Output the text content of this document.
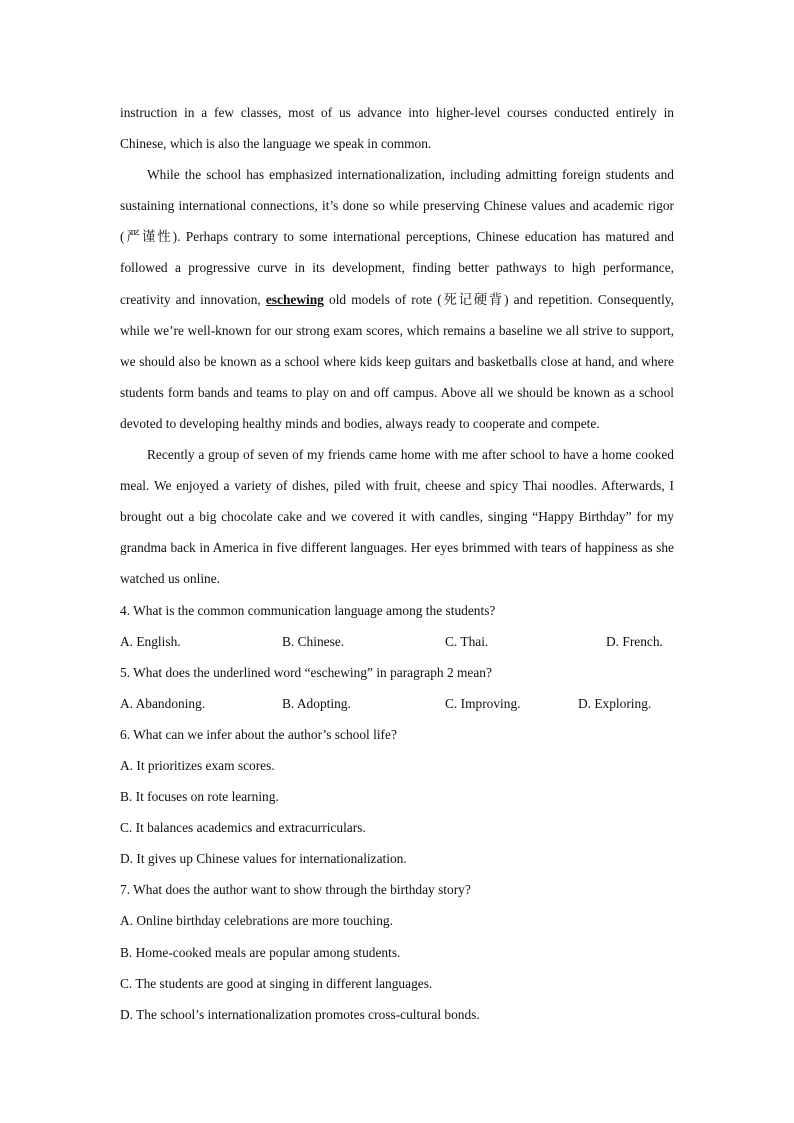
instruction in a few classes, most of us advance into higher-level courses conducted entirely in Chinese, which is also the language we speak in common.

While the school has emphasized internationalization, including admitting foreign students and sustaining international connections, it’s done so while preserving Chinese values and academic rigor (严谨性). Perhaps contrary to some international perceptions, Chinese education has matured and followed a progressive curve in its development, finding better pathways to high performance, creativity and innovation, eschewing old models of rote (死记硬背) and repetition. Consequently, while we’re well-known for our strong exam scores, which remains a baseline we all strive to support, we should also be known as a school where kids keep guitars and basketballs close at hand, and where students form bands and teams to play on and off campus. Above all we should be known as a school devoted to developing healthy minds and bodies, always ready to cooperate and compete.

Recently a group of seven of my friends came home with me after school to have a home cooked meal. We enjoyed a variety of dishes, piled with fruit, cheese and spicy Thai noodles. Afterwards, I brought out a big chocolate cake and we covered it with candles, singing “Happy Birthday” for my grandma back in America in five different languages. Her eyes brimmed with tears of happiness as she watched us online.

4. What is the common communication language among the students?

A. English.	B. Chinese.	C. Thai.	D. French.

5. What does the underlined word “eschewing” in paragraph 2 mean?

A. Abandoning.	B. Adopting.	C. Improving.	D. Exploring.

6. What can we infer about the author’s school life?

A. It prioritizes exam scores.

B. It focuses on rote learning.

C. It balances academics and extracurriculars.

D. It gives up Chinese values for internationalization.

7. What does the author want to show through the birthday story?

A. Online birthday celebrations are more touching.

B. Home-cooked meals are popular among students.

C. The students are good at singing in different languages.

D. The school’s internationalization promotes cross-cultural bonds.
